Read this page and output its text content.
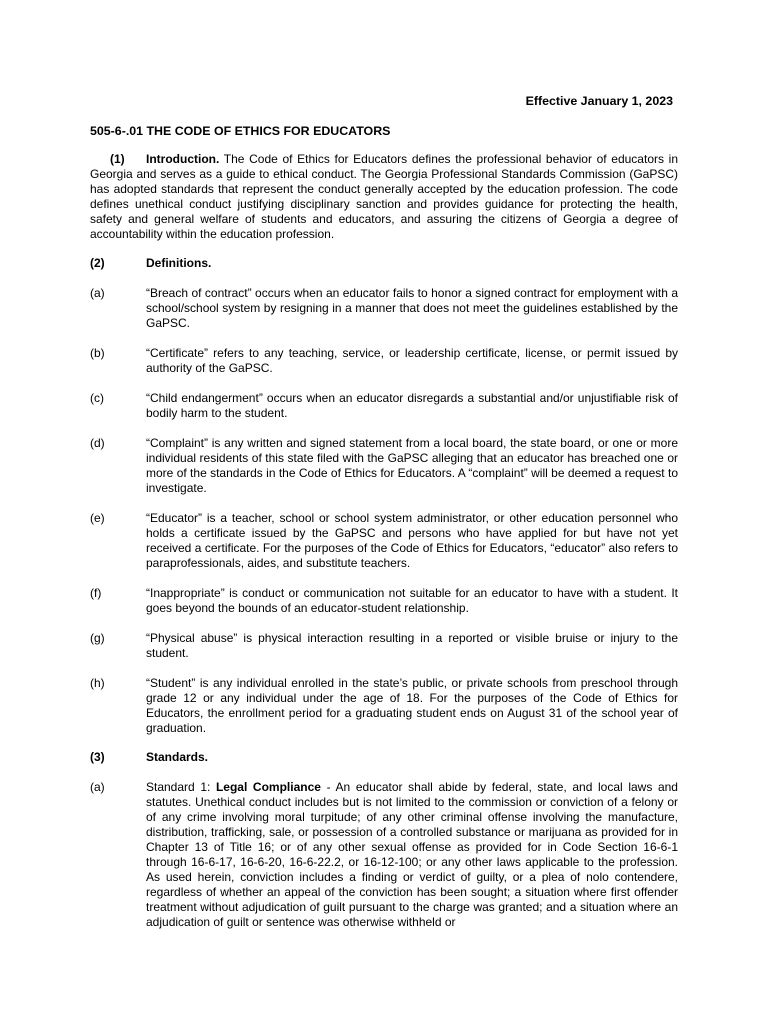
Effective January 1, 2023
505-6-.01 THE CODE OF ETHICS FOR EDUCATORS

(1) Introduction. The Code of Ethics for Educators defines the professional behavior of educators in Georgia and serves as a guide to ethical conduct. The Georgia Professional Standards Commission (GaPSC) has adopted standards that represent the conduct generally accepted by the education profession. The code defines unethical conduct justifying disciplinary sanction and provides guidance for protecting the health, safety and general welfare of students and educators, and assuring the citizens of Georgia a degree of accountability within the education profession.

(2)	Definitions.
(a)	“Breach of contract” occurs when an educator fails to honor a signed contract for employment with a school/school system by resigning in a manner that does not meet the guidelines established by the GaPSC.
(b)	“Certificate” refers to any teaching, service, or leadership certificate, license, or permit issued by authority of the GaPSC.
(c)	“Child endangerment” occurs when an educator disregards a substantial and/or unjustifiable risk of bodily harm to the student.
(d)	“Complaint” is any written and signed statement from a local board, the state board, or one or more individual residents of this state filed with the GaPSC alleging that an educator has breached one or more of the standards in the Code of Ethics for Educators. A “complaint” will be deemed a request to investigate.
(e)	“Educator” is a teacher, school or school system administrator, or other education personnel who holds a certificate issued by the GaPSC and persons who have applied for but have not yet received a certificate. For the purposes of the Code of Ethics for Educators, “educator” also refers to paraprofessionals, aides, and substitute teachers.
(f)	“Inappropriate” is conduct or communication not suitable for an educator to have with a student. It goes beyond the bounds of an educator-student relationship.
(g)	“Physical abuse” is physical interaction resulting in a reported or visible bruise or injury to the student.
(h)	“Student” is any individual enrolled in the state’s public, or private schools from preschool through grade 12 or any individual under the age of 18. For the purposes of the Code of Ethics for Educators, the enrollment period for a graduating student ends on August 31 of the school year of graduation.
(3)	Standards.
(a)	Standard 1: Legal Compliance - An educator shall abide by federal, state, and local laws and statutes. Unethical conduct includes but is not limited to the commission or conviction of a felony or of any crime involving moral turpitude; of any other criminal offense involving the manufacture, distribution, trafficking, sale, or possession of a controlled substance or marijuana as provided for in Chapter 13 of Title 16; or of any other sexual offense as provided for in Code Section 16-6-1 through 16-6-17, 16-6-20, 16-6-22.2, or 16-12-100; or any other laws applicable to the profession. As used herein, conviction includes a finding or verdict of guilty, or a plea of nolo contendere, regardless of whether an appeal of the conviction has been sought; a situation where first offender treatment without adjudication of guilt pursuant to the charge was granted; and a situation where an adjudication of guilt or sentence was otherwise withheld or
